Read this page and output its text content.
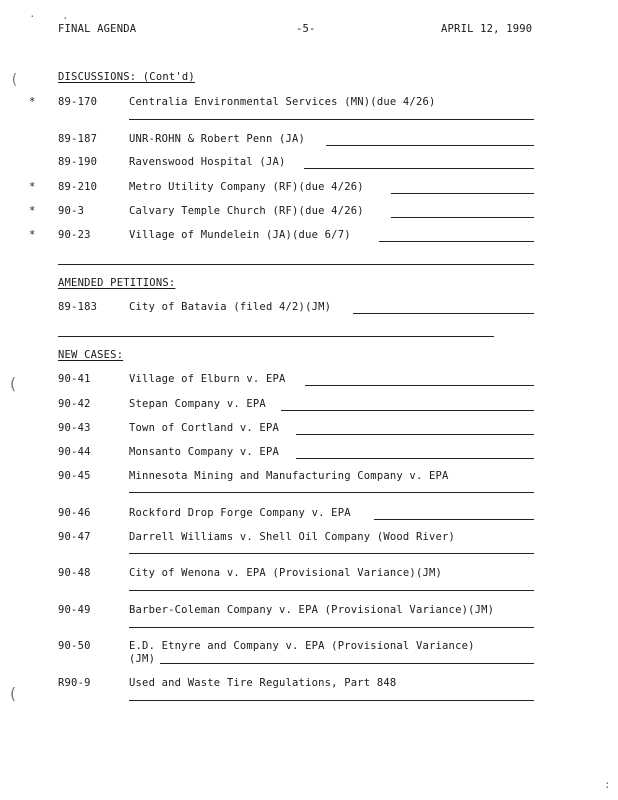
· ·
(
(
(
:
FINAL AGENDA	-5-	APRIL 12, 1990
DISCUSSIONS: (Cont'd)
* 89-170	Centralia Environmental Services (MN)(due 4/26)
89-187	UNR-ROHN & Robert Penn (JA)
89-190	Ravenswood Hospital (JA)
* 89-210	Metro Utility Company (RF)(due 4/26)
* 90-3	Calvary Temple Church (RF)(due 4/26)
* 90-23	Village of Mundelein (JA)(due 6/7)
AMENDED PETITIONS:
89-183	City of Batavia (filed 4/2)(JM)
NEW CASES:
90-41	Village of Elburn v. EPA
90-42	Stepan Company v. EPA
90-43	Town of Cortland v. EPA
90-44	Monsanto Company v. EPA
90-45	Minnesota Mining and Manufacturing Company v. EPA
90-46	Rockford Drop Forge Company v. EPA
90-47	Darrell Williams v. Shell Oil Company (Wood River)
90-48	City of Wenona v. EPA (Provisional Variance)(JM)
90-49	Barber-Coleman Company v. EPA (Provisional Variance)(JM)
90-50	E.D. Etnyre and Company v. EPA (Provisional Variance)
(JM)
R90-9	Used and Waste Tire Regulations, Part 848
